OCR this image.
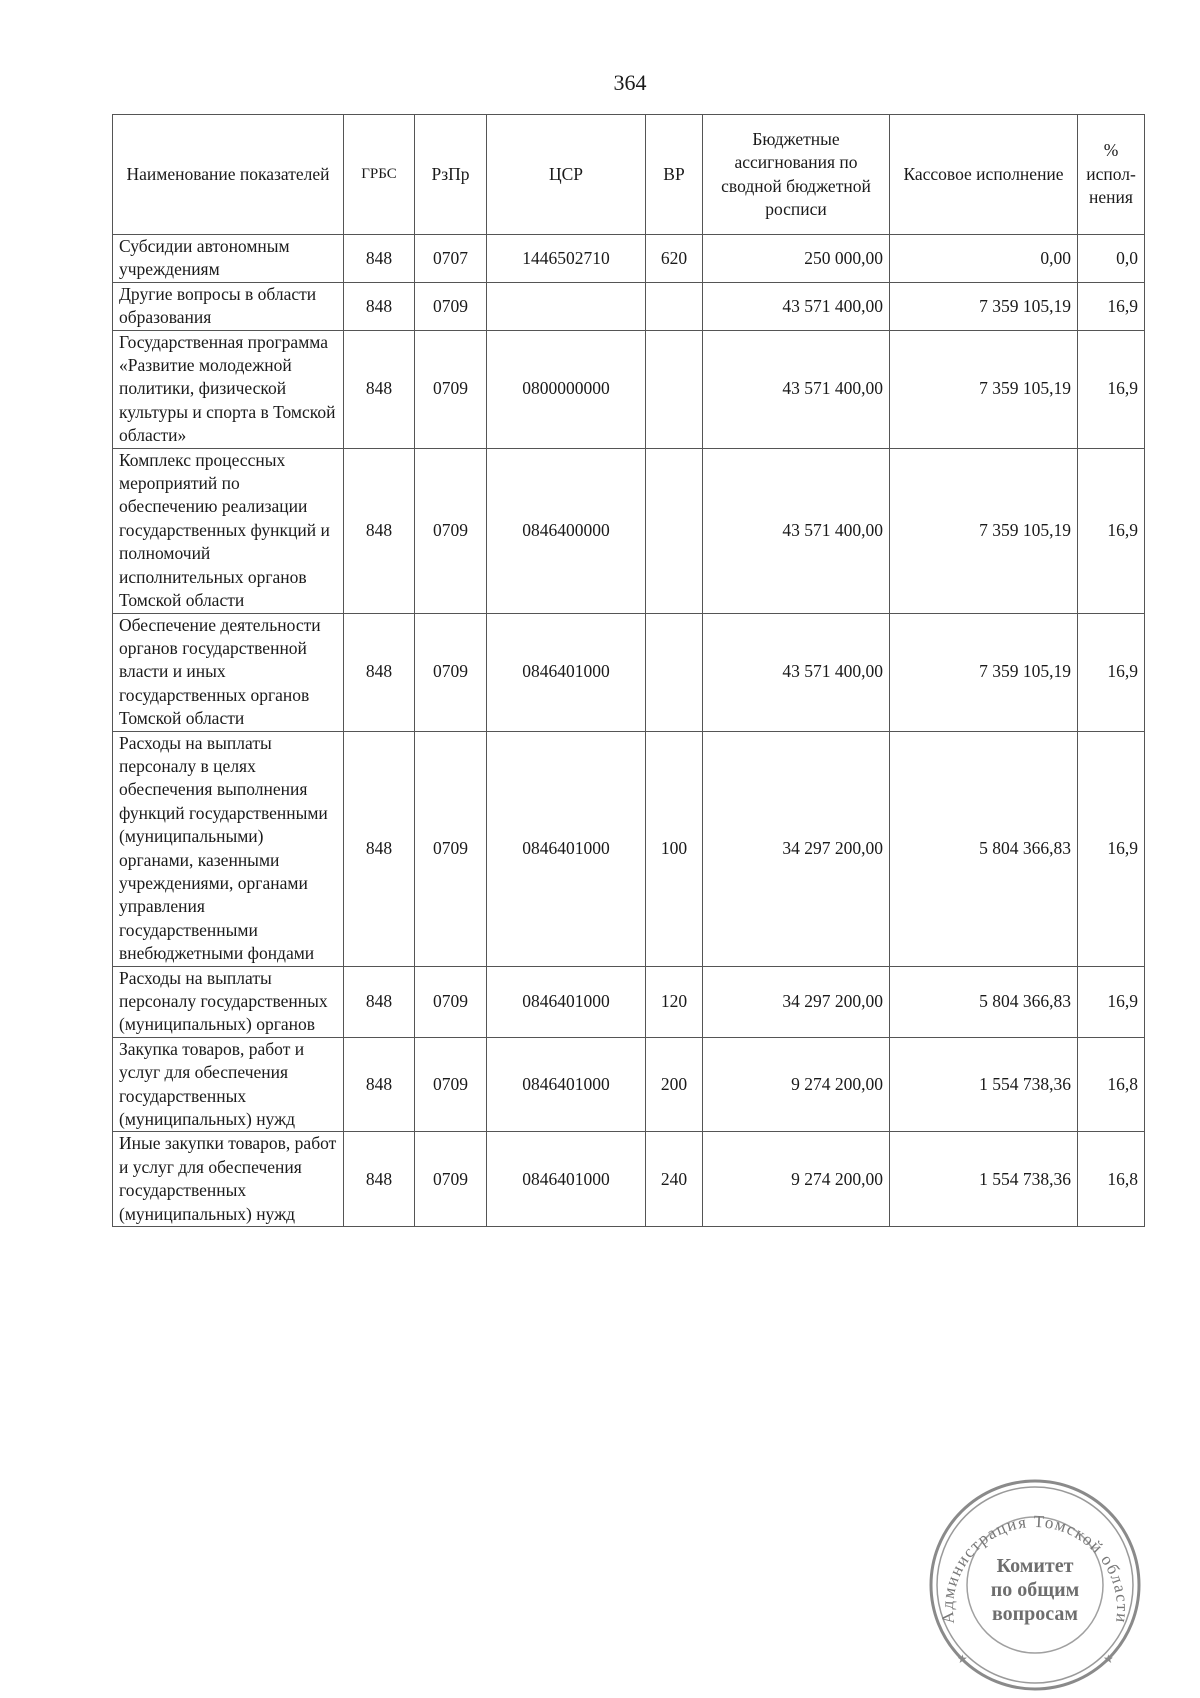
364
Наименование показателей	ГРБС	РзПр	ЦСР	ВР	Бюджетные ассигнования по сводной бюджетной росписи	Кассовое исполнение	% испол-нения
Субсидии автономным учреждениям	848	0707	1446502710	620	250 000,00	0,00	0,0
Другие вопросы в области образования	848	0709			43 571 400,00	7 359 105,19	16,9
Государственная программа «Развитие молодежной политики, физической культуры и спорта в Томской области»	848	0709	0800000000		43 571 400,00	7 359 105,19	16,9
Комплекс процессных мероприятий по обеспечению реализации государственных функций и полномочий исполнительных органов Томской области	848	0709	0846400000		43 571 400,00	7 359 105,19	16,9
Обеспечение деятельности органов государственной власти и иных государственных органов Томской области	848	0709	0846401000		43 571 400,00	7 359 105,19	16,9
Расходы на выплаты персоналу в целях обеспечения выполнения функций государственными (муниципальными) органами, казенными учреждениями, органами управления государственными внебюджетными фондами	848	0709	0846401000	100	34 297 200,00	5 804 366,83	16,9
Расходы на выплаты персоналу государственных (муниципальных) органов	848	0709	0846401000	120	34 297 200,00	5 804 366,83	16,9
Закупка товаров, работ и услуг для обеспечения государственных (муниципальных) нужд	848	0709	0846401000	200	9 274 200,00	1 554 738,36	16,8
Иные закупки товаров, работ и услуг для обеспечения государственных (муниципальных) нужд	848	0709	0846401000	240	9 274 200,00	1 554 738,36	16,8
Администрация Томской области
★	★
Комитет
по общим
вопросам
